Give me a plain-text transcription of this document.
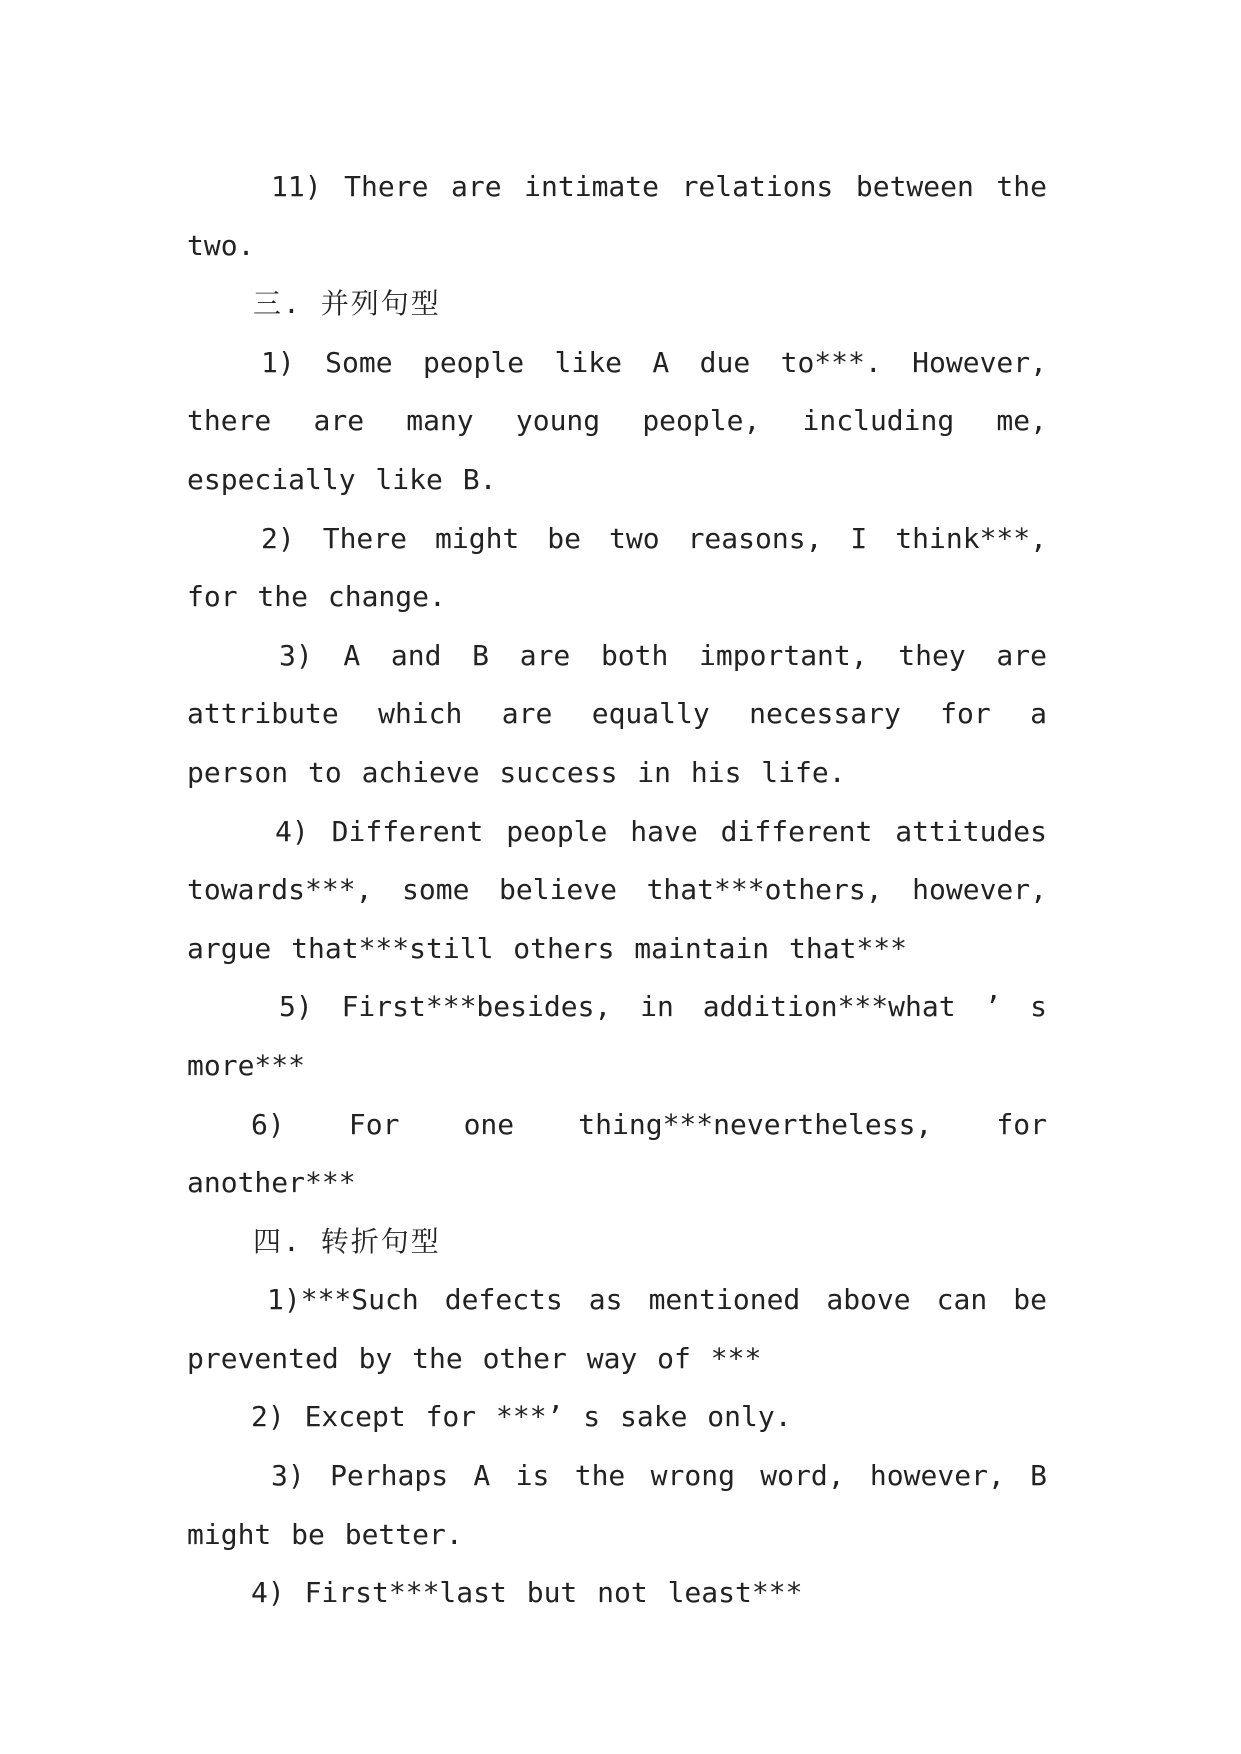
11) There are intimate relations between the two.

三. 并列句型

1) Some people like A due to***. However, there are many young people, including me, especially like B.

2) There might be two reasons, I think***, for the change.

3) A and B are both important, they are attribute which are equally necessary for a person to achieve success in his life.

4) Different people have different attitudes towards***, some believe that***others, however, argue that***still others maintain that***

5) First***besides, in addition***what ’ s more***

6) For one thing***nevertheless, for another***

四. 转折句型

1)***Such defects as mentioned above can be prevented by the other way of ***

2) Except for ***’ s sake only.

3) Perhaps A is the wrong word, however, B might be better.

4) First***last but not least***
